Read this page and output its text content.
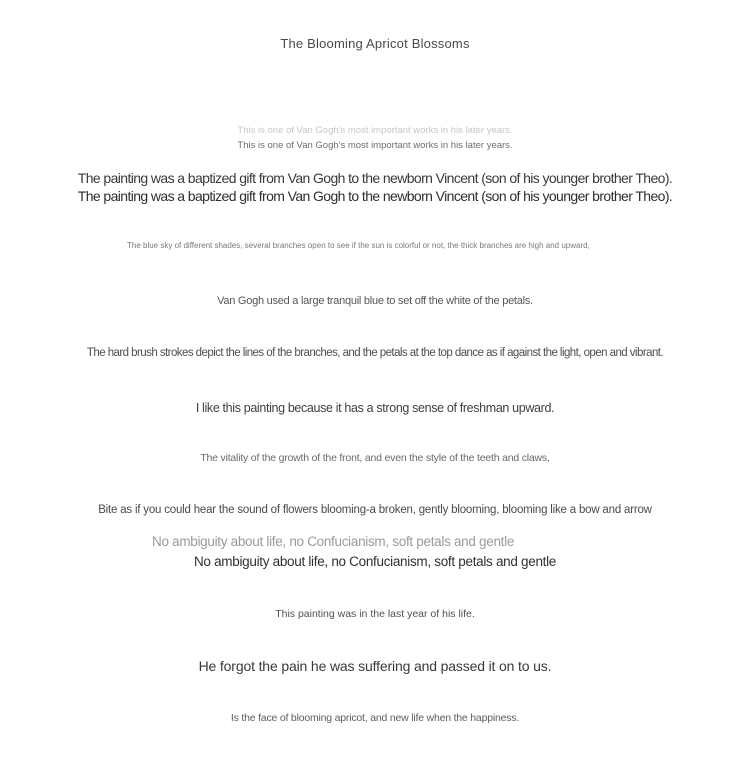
The Blooming Apricot Blossoms
This is one of Van Gogh's most important works in his later years.
This is one of Van Gogh's most important works in his later years.
The painting was a baptized gift from Van Gogh to the newborn Vincent (son of his younger brother Theo).
The painting was a baptized gift from Van Gogh to the newborn Vincent (son of his younger brother Theo).
The blue sky of different shades, several branches open to see if the sun is colorful or not, the thick branches are high and upward,
Van Gogh used a large tranquil blue to set off the white of the petals.
The hard brush strokes depict the lines of the branches, and the petals at the top dance as if against the light, open and vibrant.
I like this painting because it has a strong sense of freshman upward.
The vitality of the growth of the front, and even the style of the teeth and claws,
Bite as if you could hear the sound of flowers blooming-a broken, gently blooming, blooming like a bow and arrow
No ambiguity about life, no Confucianism, soft petals and gentle
No ambiguity about life, no Confucianism, soft petals and gentle
This painting was in the last year of his life.
He forgot the pain he was suffering and passed it on to us.
Is the face of blooming apricot, and new life when the happiness.
